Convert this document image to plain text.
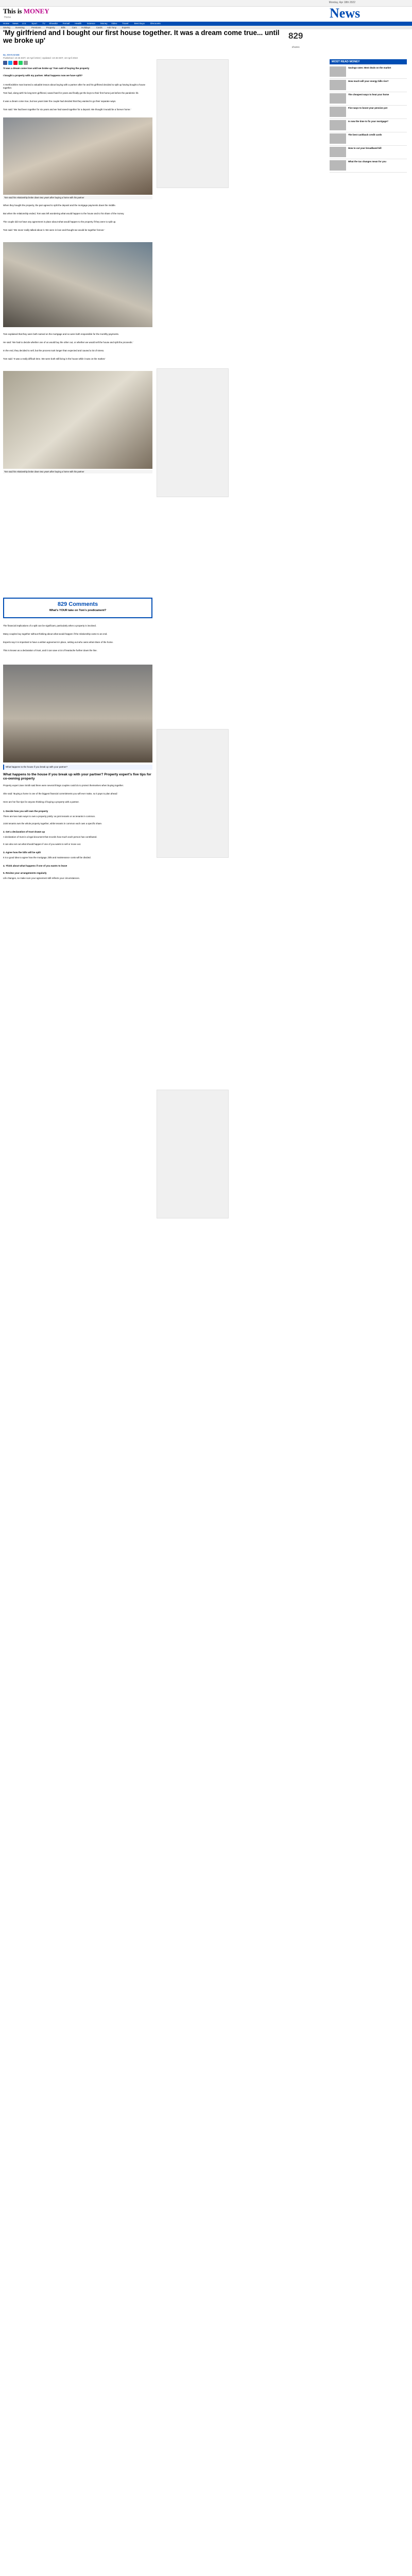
Monday, Apr 18th 2022
This is MONEY
Home	News
Home News U.S. Sport TV Showbiz Femail Health Science Money Video Travel	Best Buys Discounts
Saving Investing	Pensions Property	Bills	Cars Holidays	Cards Ask Tony Experts
'My girlfriend and I bought our first house together. It was a dream come true... until we broke up'	829
shares
By JOHN BABE
Published: 10:45 EDT, 18 April 2022 | Updated: 10:46 EDT, 18 April 2022
'It was a dream come true until we broke up' Tom said of buying the property
I bought a property with my partner. What happens now we have split?

A Hertfordshire man learned a valuable lesson about buying with a partner after he and his girlfriend decided to split up having bought a house together.

Tom had, along with his long-term girlfriend, saved hard for years and finally got the keys to their first home just before the pandemic hit.

It was a dream come true, but two years later the couple had decided that they wanted to go their separate ways.

Tom said: 'We had been together for six years and we had saved together for a deposit. We thought it would be a forever home.'

Tom said his relationship broke down two years after buying a home with his partner

When they bought the property, the pair agreed to split the deposit and the mortgage payments down the middle.

But when the relationship ended, Tom was left wondering what would happen to the house and to his share of the money.

The couple did not have any agreement in place about what would happen to the property if they were to split up.

Tom said: 'We never really talked about it. We were in love and thought we would be together forever.'

Tom explained that they were both named on the mortgage and so were both responsible for the monthly payments.

He said: 'We had to decide whether one of us would buy the other out, or whether we would sell the house and split the proceeds.'

In the end, they decided to sell, but the process took longer than expected and caused a lot of stress.

Tom said: 'It was a really difficult time. We were both still living in the house while it was on the market.'

Tom said his relationship broke down two years after buying a home with his partner
829 Comments
What's YOUR take on Tom's predicament?

The financial implications of a split can be significant, particularly when a property is involved.

Many couples buy together without thinking about what would happen if the relationship came to an end.

Experts say it is important to have a written agreement in place, setting out who owns what share of the home.

This is known as a declaration of trust, and it can save a lot of heartache further down the line.

What happens to the house if you break up with your partner?
What happens to the house if you break up with your partner? Property expert's five tips for co-owning property

Property expert Jane Smith said there were several things couples could do to protect themselves when buying together.

She said: 'Buying a home is one of the biggest financial commitments you will ever make, so it pays to plan ahead.'

Here are her five tips for anyone thinking of buying a property with a partner.

1. Decide how you will own the property

There are two main ways to own a property jointly: as joint tenants or as tenants in common.

Joint tenants own the whole property together, while tenants in common each own a specific share.

2. Get a declaration of trust drawn up

A declaration of trust is a legal document that records how much each person has contributed.

It can also set out what should happen if one of you wants to sell or move out.

3. Agree how the bills will be split

It is a good idea to agree how the mortgage, bills and maintenance costs will be divided.

4. Think about what happens if one of you wants to leave
5. Review your arrangements regularly

Life changes, so make sure your agreement still reflects your circumstances.

MOST READ MONEY
Savings rates: Best deals on the market
How much will your energy bills rise?
The cheapest ways to heat your home
Five ways to boost your pension pot
Is now the time to fix your mortgage?
The best cashback credit cards
How to cut your broadband bill
What the tax changes mean for you
